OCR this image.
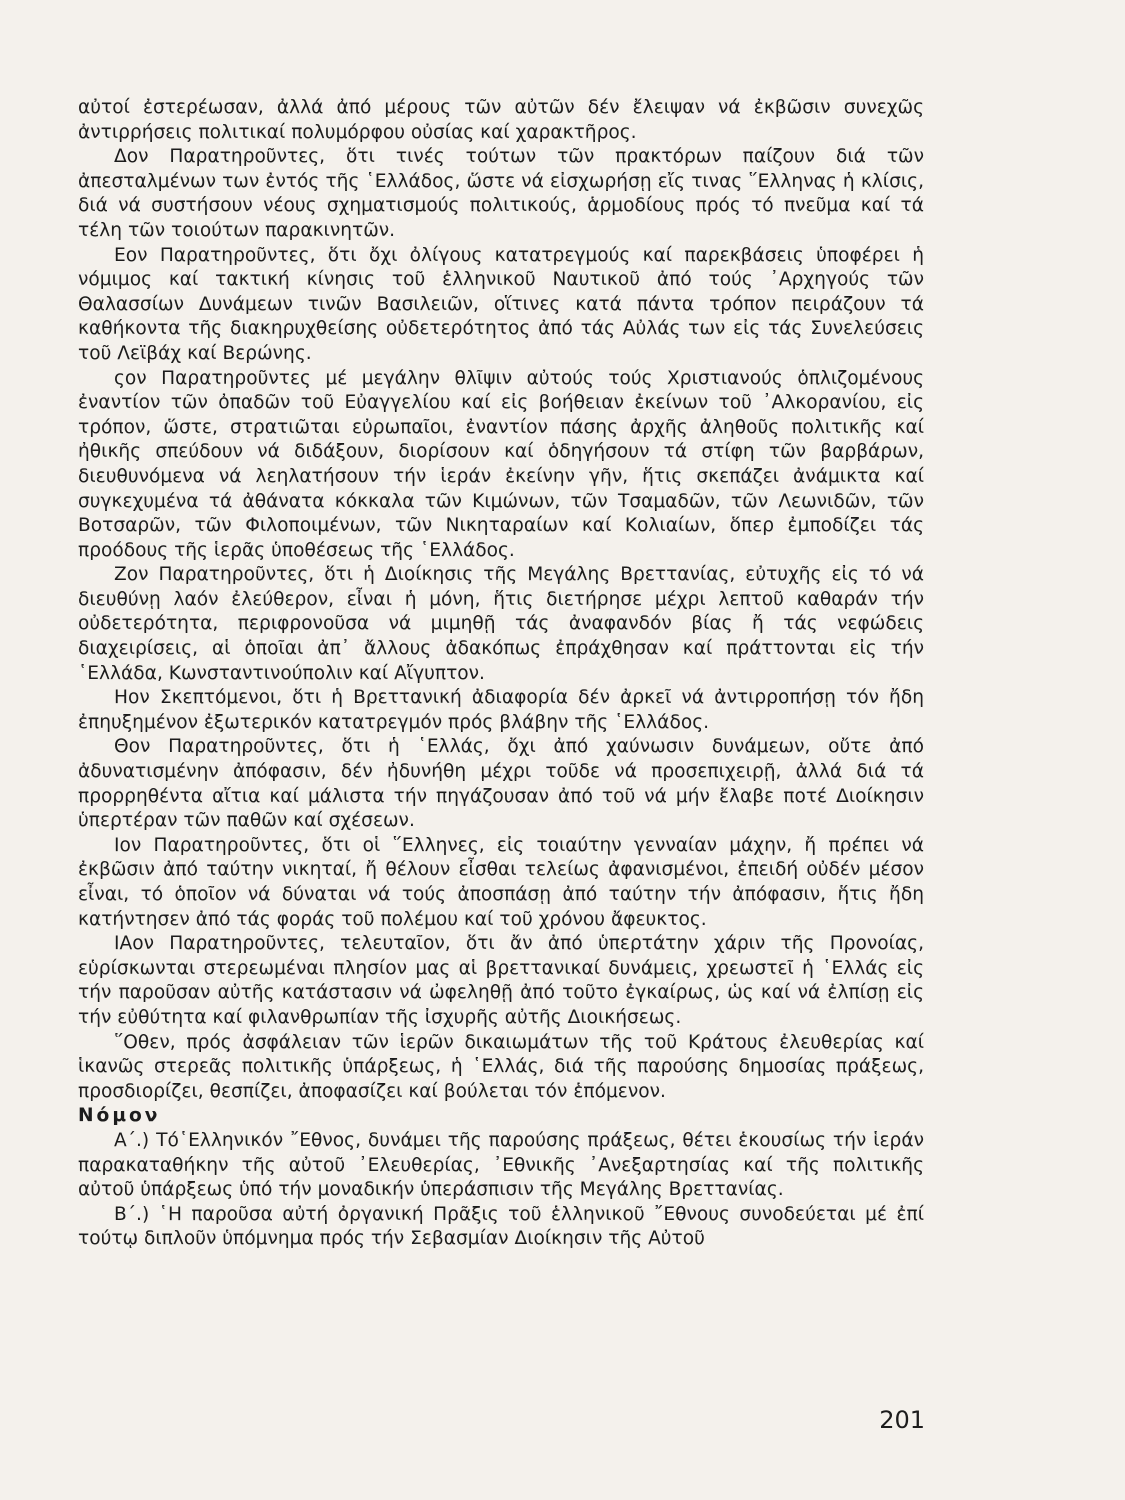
αὐτοί ἐστερέωσαν, ἀλλά ἀπό μέρους τῶν αὐτῶν δέν ἔλειψαν νά ἐκβῶσιν συνεχῶς ἀντιρρήσεις πολιτικαί πολυμόρφου οὐσίας καί χαρακτῆρος.

Δον Παρατηροῦντες, ὅτι τινές τούτων τῶν πρακτόρων παίζουν διά τῶν ἀπεσταλμένων των ἐντός τῆς ῾Ελλάδος, ὥστε νά εἰσχωρήσῃ εἴς τινας ῞Ελληνας ἡ κλίσις, διά νά συστήσουν νέους σχηματισμούς πολιτικούς, ἁρμοδίους πρός τό πνεῦμα καί τά τέλη τῶν τοιούτων παρακινητῶν.

Εον Παρατηροῦντες, ὅτι ὄχι ὀλίγους κατατρεγμούς καί παρεκβάσεις ὑποφέρει ἡ νόμιμος καί τακτική κίνησις τοῦ ἑλληνικοῦ Ναυτικοῦ ἀπό τούς ᾿Αρχηγούς τῶν Θαλασσίων Δυνάμεων τινῶν Βασιλειῶν, οἵτινες κατά πάντα τρόπον πειράζουν τά καθήκοντα τῆς διακηρυχθείσης οὐδετερότητος ἀπό τάς Αὐλάς των εἰς τάς Συνελεύσεις τοῦ Λεϊβάχ καί Βερώνης.

ςον Παρατηροῦντες μέ μεγάλην θλῖψιν αὐτούς τούς Χριστιανούς ὁπλιζομένους ἐναντίον τῶν ὀπαδῶν τοῦ Εὐαγγελίου καί εἰς βοήθειαν ἐκείνων τοῦ ᾿Αλκορανίου, εἰς τρόπον, ὥστε, στρατιῶται εὐρωπαῖοι, ἐναντίον πάσης ἀρχῆς ἀληθοῦς πολιτικῆς καί ἠθικῆς σπεύδουν νά διδάξουν, διορίσουν καί ὁδηγήσουν τά στίφη τῶν βαρβάρων, διευθυνόμενα νά λεηλατήσουν τήν ἱεράν ἐκείνην γῆν, ἥτις σκεπάζει ἀνάμικτα καί συγκεχυμένα τά ἀθάνατα κόκκαλα τῶν Κιμώνων, τῶν Τσαμαδῶν, τῶν Λεωνιδῶν, τῶν Βοτσαρῶν, τῶν Φιλοποιμένων, τῶν Νικηταραίων καί Κολιαίων, ὅπερ ἐμποδίζει τάς προόδους τῆς ἱερᾶς ὑποθέσεως τῆς ῾Ελλάδος.

Ζον Παρατηροῦντες, ὅτι ἡ Διοίκησις τῆς Μεγάλης Βρεττανίας, εὐτυχῆς εἰς τό νά διευθύνῃ λαόν ἐλεύθερον, εἶναι ἡ μόνη, ἥτις διετήρησε μέχρι λεπτοῦ καθαράν τήν οὐδετερότητα, περιφρονοῦσα νά μιμηθῇ τάς ἀναφανδόν βίας ἤ τάς νεφώδεις διαχειρίσεις, αἱ ὁποῖαι ἀπ᾿ ἄλλους ἀδακόπως ἐπράχθησαν καί πράττονται εἰς τήν ῾Ελλάδα, Κωνσταντινούπολιν καί Αἴγυπτον.

Ηον Σκεπτόμενοι, ὅτι ἡ Βρεττανική ἀδιαφορία δέν ἀρκεῖ νά ἀντιρροπήσῃ τόν ἤδη ἐπηυξημένον ἐξωτερικόν κατατρεγμόν πρός βλάβην τῆς ῾Ελλάδος.

Θον Παρατηροῦντες, ὅτι ἡ ῾Ελλάς, ὄχι ἀπό χαύνωσιν δυνάμεων, οὔτε ἀπό ἀδυνατισμένην ἀπόφασιν, δέν ἠδυνήθη μέχρι τοῦδε νά προσεπιχειρῇ, ἀλλά διά τά προρρηθέντα αἴτια καί μάλιστα τήν πηγάζουσαν ἀπό τοῦ νά μήν ἔλαβε ποτέ Διοίκησιν ὑπερτέραν τῶν παθῶν καί σχέσεων.

Ιον Παρατηροῦντες, ὅτι οἱ ῞Ελληνες, εἰς τοιαύτην γενναίαν μάχην, ἤ πρέπει νά ἐκβῶσιν ἀπό ταύτην νικηταί, ἤ θέλουν εἶσθαι τελείως ἀφανισμένοι, ἐπειδή οὐδέν μέσον εἶναι, τό ὁποῖον νά δύναται νά τούς ἀποσπάσῃ ἀπό ταύτην τήν ἀπόφασιν, ἥτις ἤδη κατήντησεν ἀπό τάς φοράς τοῦ πολέμου καί τοῦ χρόνου ἄφευκτος.

ΙΑον Παρατηροῦντες, τελευταῖον, ὅτι ἄν ἀπό ὑπερτάτην χάριν τῆς Προνοίας, εὑρίσκωνται στερεωμέναι πλησίον μας αἱ βρεττανικαί δυνάμεις, χρεωστεῖ ἡ ῾Ελλάς εἰς τήν παροῦσαν αὐτῆς κατάστασιν νά ὠφεληθῇ ἀπό τοῦτο ἐγκαίρως, ὡς καί νά ἐλπίσῃ εἰς τήν εὐθύτητα καί φιλανθρωπίαν τῆς ἰσχυρῆς αὐτῆς Διοικήσεως.

῞Οθεν, πρός ἀσφάλειαν τῶν ἱερῶν δικαιωμάτων τῆς τοῦ Κράτους ἐλευθερίας καί ἱκανῶς στερεᾶς πολιτικῆς ὑπάρξεως, ἡ ῾Ελλάς, διά τῆς παρούσης δημοσίας πράξεως, προσδιορίζει, θεσπίζει, ἀποφασίζει καί βούλεται τόν ἑπόμενον.

Νόμον

Α΄.) Τό῾Ελληνικόν ῎Εθνος, δυνάμει τῆς παρούσης πράξεως, θέτει ἑκουσίως τήν ἱεράν παρακαταθήκην τῆς αὐτοῦ ᾿Ελευθερίας, ᾿Εθνικῆς ᾿Ανεξαρτησίας καί τῆς πολιτικῆς αὐτοῦ ὑπάρξεως ὑπό τήν μοναδικήν ὑπεράσπισιν τῆς Μεγάλης Βρεττανίας.

Β΄.) ῾Η παροῦσα αὐτή ὀργανική Πρᾶξις τοῦ ἑλληνικοῦ ῎Εθνους συνοδεύεται μέ ἐπί τούτῳ διπλοῦν ὑπόμνημα πρός τήν Σεβασμίαν Διοίκησιν τῆς Αὐτοῦ

201
